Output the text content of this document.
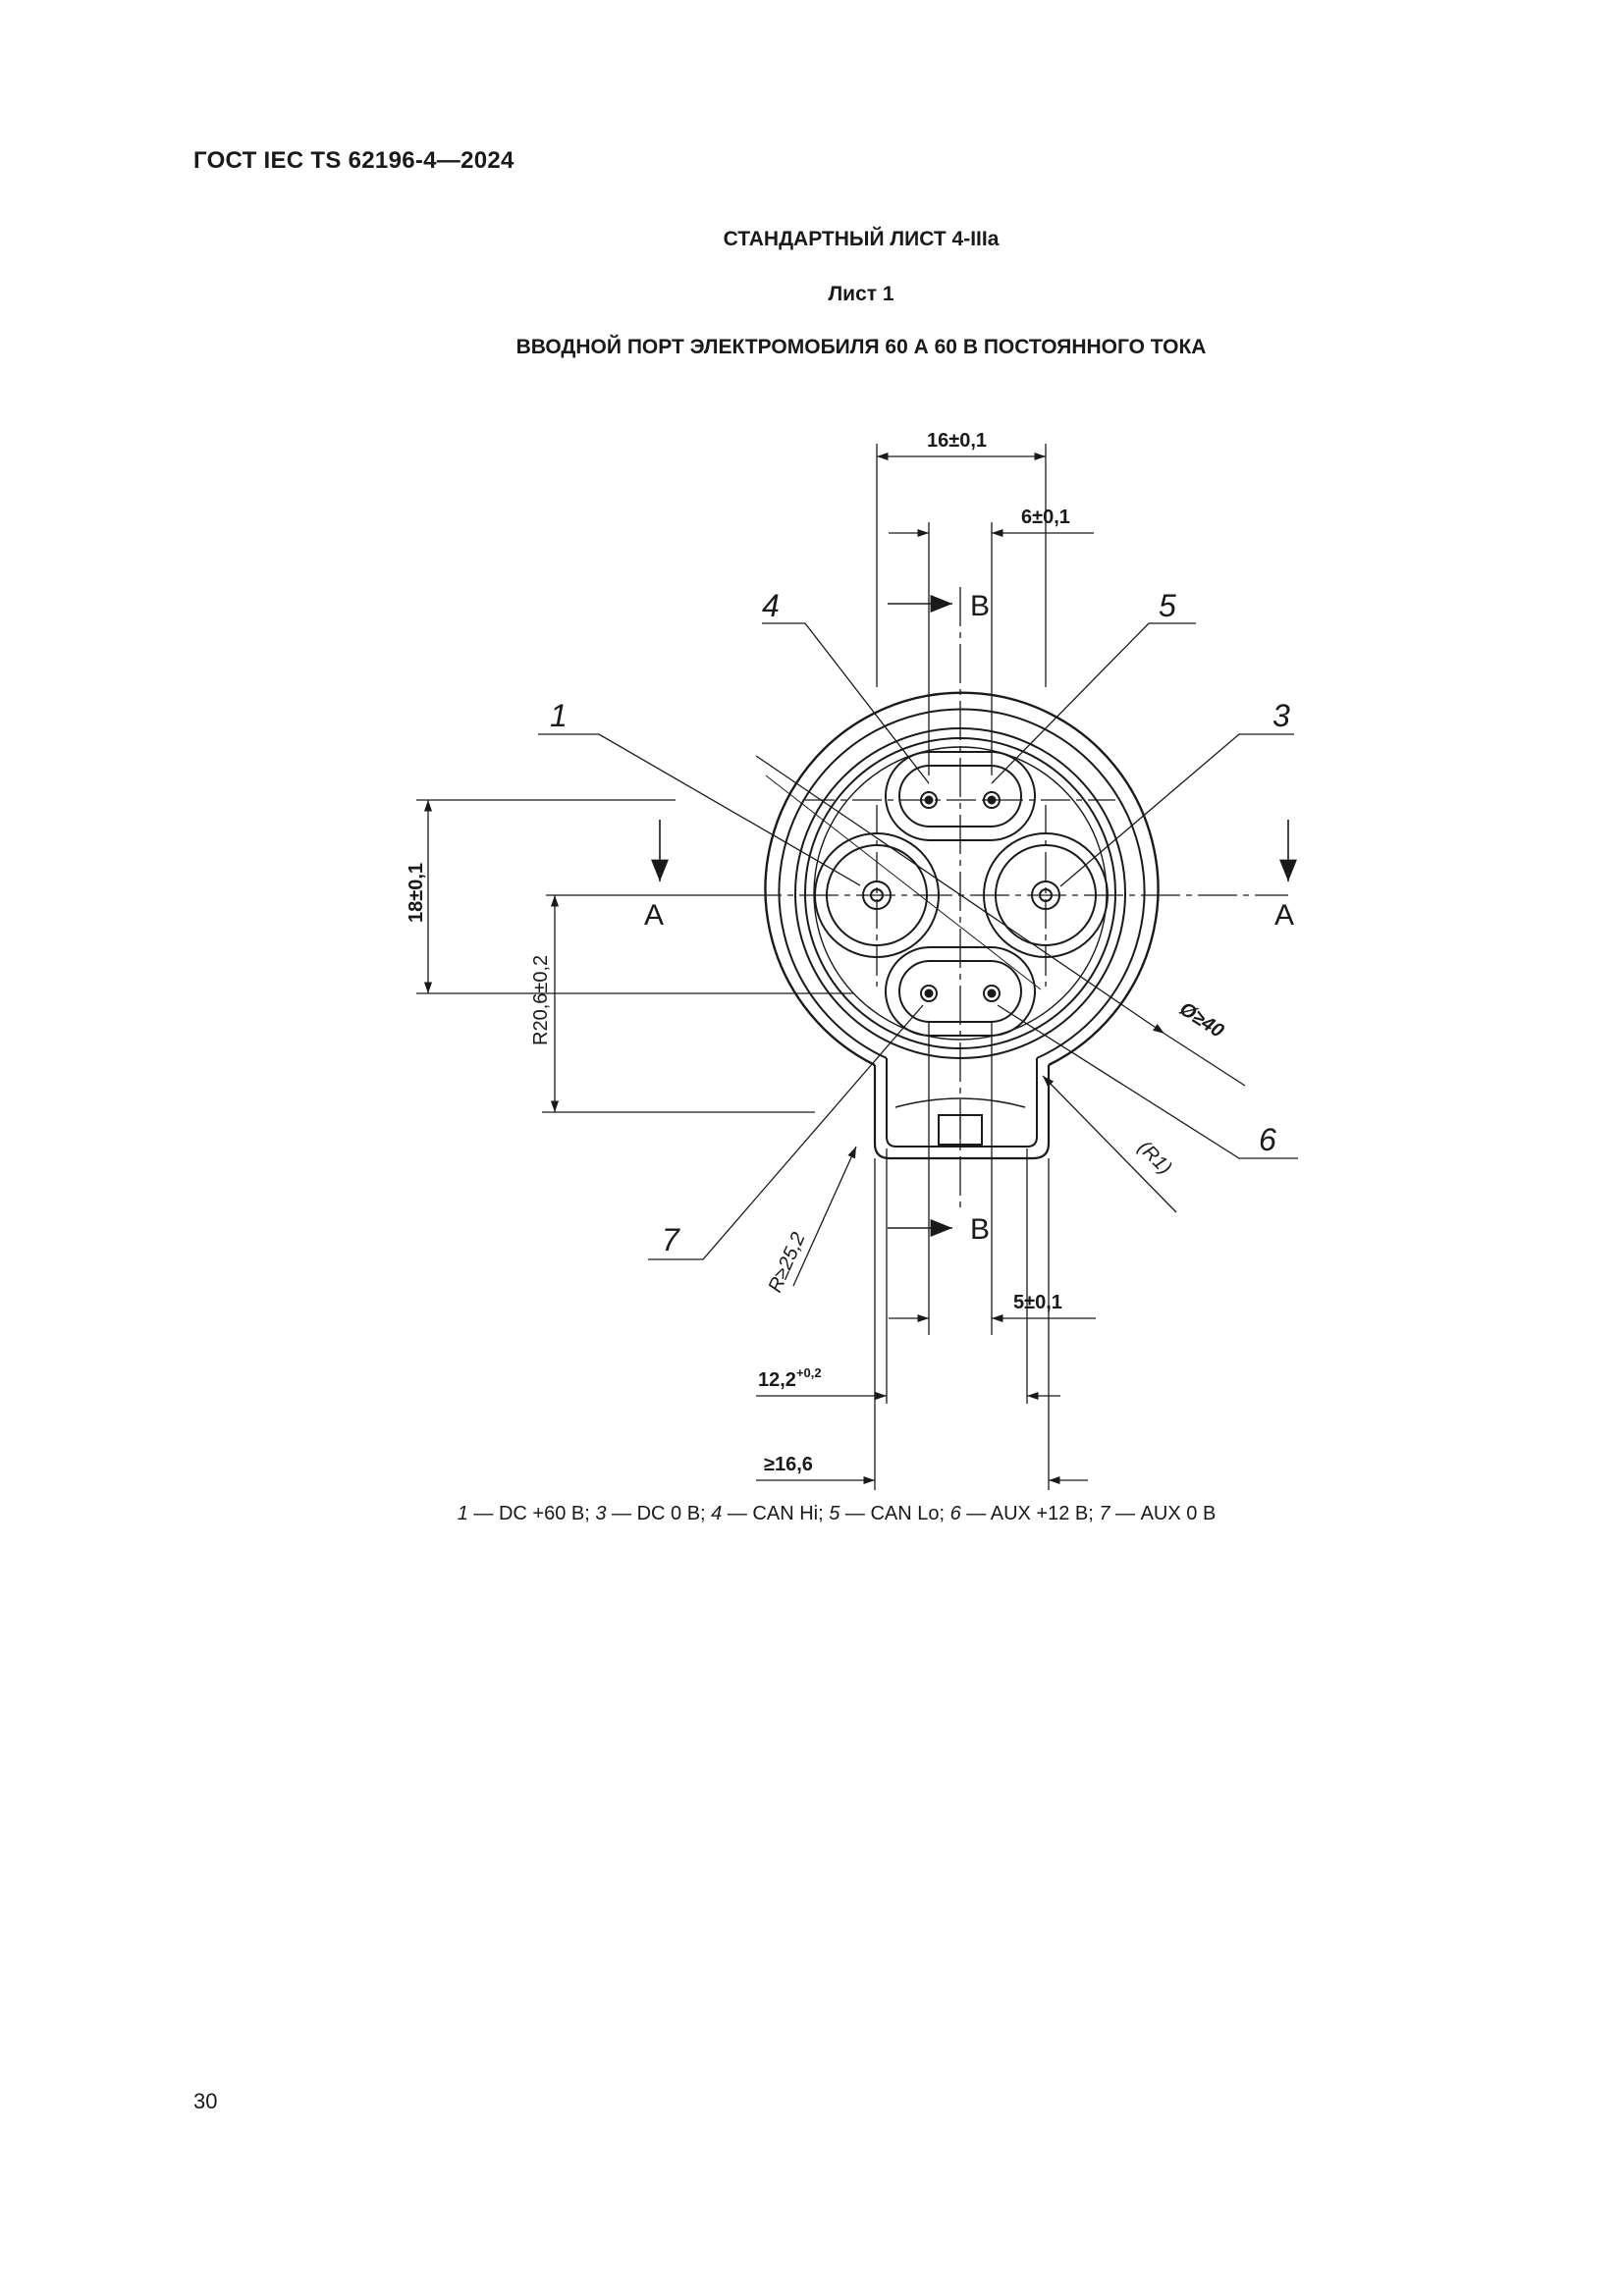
ГОСТ IEC TS 62196-4—2024
СТАНДАРТНЫЙ ЛИСТ 4-IIIa
Лист 1
ВВОДНОЙ ПОРТ ЭЛЕКТРОМОБИЛЯ 60 А 60 В ПОСТОЯННОГО ТОКА
4	5
1	3
6
7
B
B
A	A
16±0,1
6±0,1
18±0,1
R20,6±0,2	Ø≥40
(R1)
R≥25,2
5±0,1
$12,2^{+0,2}$
≥16,6
1 — DC +60 В; 3 — DC 0 В; 4 — CAN Hi; 5 — CAN Lo; 6 — AUX +12 В; 7 — AUX 0 В
30
